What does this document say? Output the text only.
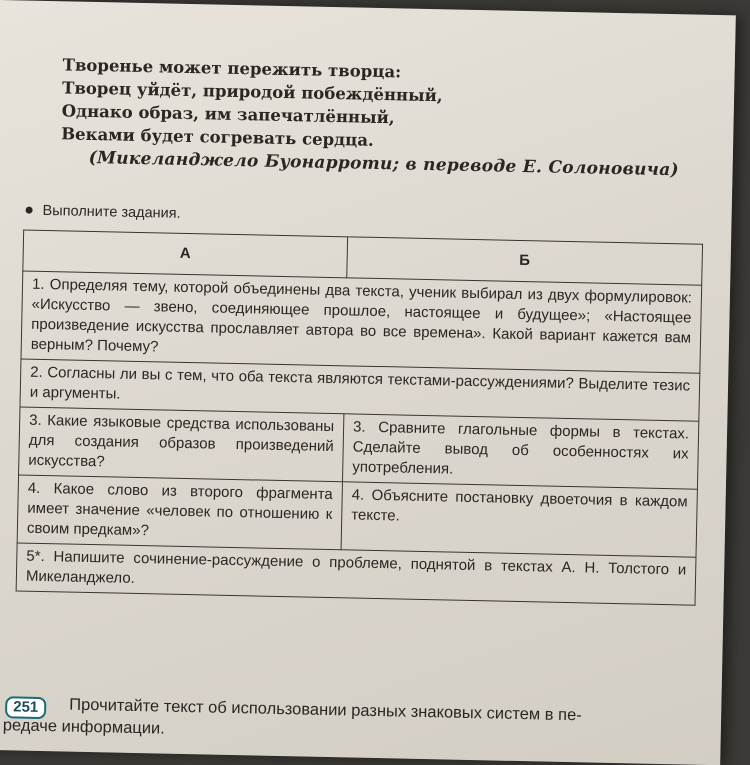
Творенье может пережить творца:
Творец уйдёт, природой побеждённый,
Однако образ, им запечатлённый,
Веками будет согревать сердца.
(Микеланджело Буонарроти; в переводе Е. Солоновича)
Выполните задания.
А	Б

1. Определяя тему, которой объединены два текста, ученик выбирал из двух формулировок: «Искусство — звено, соединяющее прошлое, настоящее и будущее»; «Настоящее произведение искусства прославляет автора во все времена». Какой вариант кажется вам верным? Почему?	

2. Согласны ли вы с тем, что оба текста являются текстами-рассуждениями? Выделите тезис и аргументы.	

3. Какие языковые средства использованы для создания образов произведений искусства?	3. Сравните глагольные формы в текстах. Сделайте вывод об особенностях их употребления.

4. Какое слово из второго фрагмента имеет значение «человек по отношению к своим предкам»?	4. Объясните постановку двоеточия в каждом тексте.

5*. Напишите сочинение-рассуждение о проблеме, поднятой в текстах А. Н. Толстого и Микеланджело.	
251	Прочитайте текст об использовании разных знаковых систем в пе-
редаче информации.
